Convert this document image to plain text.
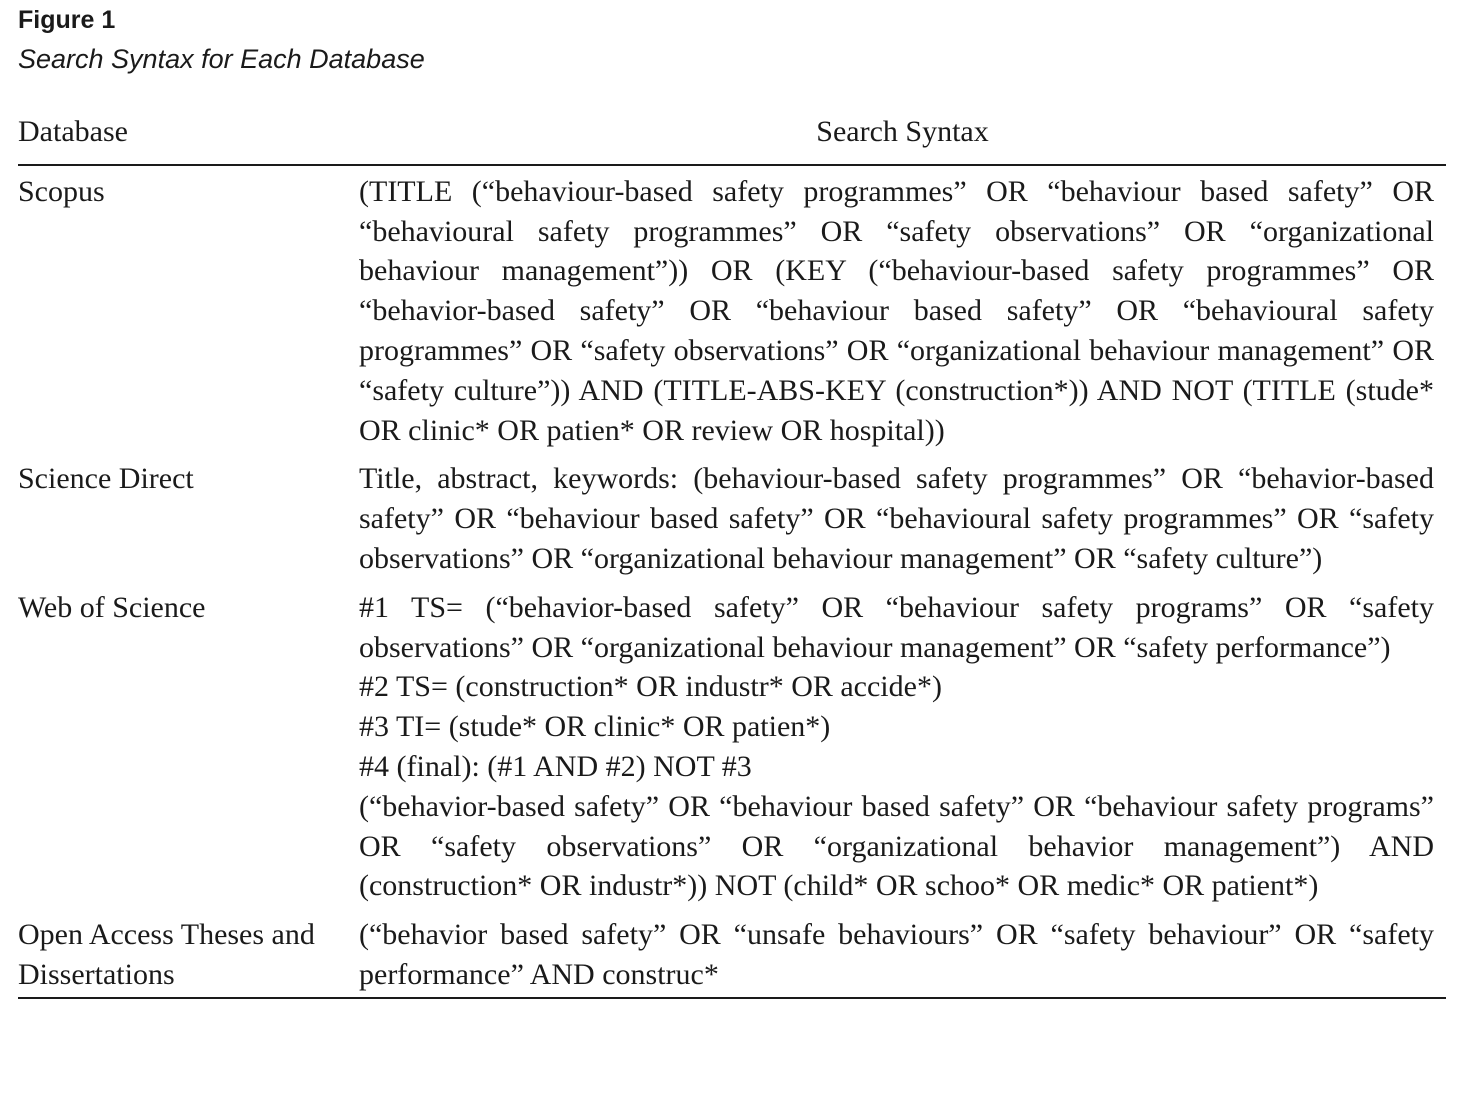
Figure 1
Search Syntax for Each Database
Database	Search Syntax
Scopus	(TITLE (“behaviour-based safety programmes” OR “behaviour based safety” OR “behavioural safety programmes” OR “safety observations” OR “organizational behaviour management”)) OR (KEY (“behaviour-based safety programmes” OR “behavior-based safety” OR “behaviour based safety” OR “behavioural safety programmes” OR “safety observations” OR “organizational behaviour management” OR “safety culture”)) AND (TITLE-ABS-KEY (construction*)) AND NOT (TITLE (stude* OR clinic* OR patien* OR review OR hospital))
Science Direct	Title, abstract, keywords: (behaviour-based safety programmes” OR “behavior-based safety” OR “behaviour based safety” OR “behavioural safety programmes” OR “safety observations” OR “organizational behaviour management” OR “safety culture”)
Web of Science	#1 TS= (“behavior-based safety” OR “behaviour safety programs” OR “safety observations” OR “organizational behaviour management” OR “safety performance”)
#2 TS= (construction* OR industr* OR accide*)
#3 TI= (stude* OR clinic* OR patien*)
#4 (final): (#1 AND #2) NOT #3
(“behavior-based safety” OR “behaviour based safety” OR “behaviour safety programs” OR “safety observations” OR “organizational behavior management”) AND (construction* OR industr*)) NOT (child* OR schoo* OR medic* OR patient*)

Open Access Theses and Dissertations	(“behavior based safety” OR “unsafe behaviours” OR “safety behaviour” OR “safety performance” AND construc*
